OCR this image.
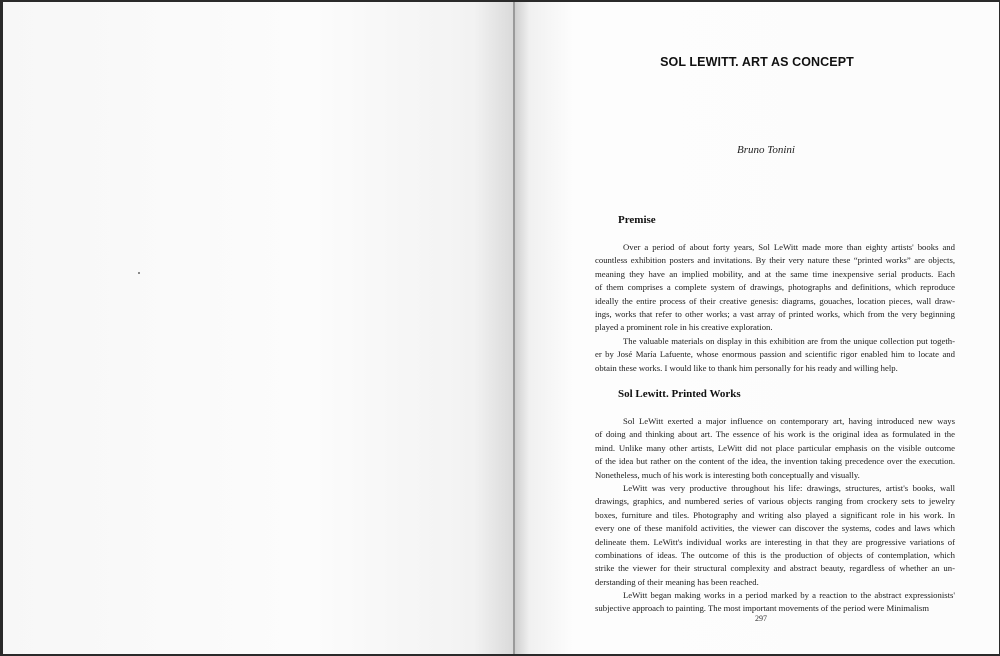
SOL LEWITT. ART AS CONCEPT
Bruno Tonini
Premise

Over a period of about forty years, Sol LeWitt made more than eighty artists' books and
countless exhibition posters and invitations. By their very nature these “printed works” are objects,
meaning they have an implied mobility, and at the same time inexpensive serial products. Each
of them comprises a complete system of drawings, photographs and definitions, which reproduce
ideally the entire process of their creative genesis: diagrams, gouaches, location pieces, wall draw-
ings, works that refer to other works; a vast array of printed works, which from the very beginning
played a prominent role in his creative exploration.

The valuable materials on display in this exhibition are from the unique collection put togeth-
er by José María Lafuente, whose enormous passion and scientific rigor enabled him to locate and
obtain these works. I would like to thank him personally for his ready and willing help.

Sol Lewitt. Printed Works

Sol LeWitt exerted a major influence on contemporary art, having introduced new ways
of doing and thinking about art. The essence of his work is the original idea as formulated in the
mind. Unlike many other artists, LeWitt did not place particular emphasis on the visible outcome
of the idea but rather on the content of the idea, the invention taking precedence over the execution.
Nonetheless, much of his work is interesting both conceptually and visually.

LeWitt was very productive throughout his life: drawings, structures, artist's books, wall
drawings, graphics, and numbered series of various objects ranging from crockery sets to jewelry
boxes, furniture and tiles. Photography and writing also played a significant role in his work. In
every one of these manifold activities, the viewer can discover the systems, codes and laws which
delineate them. LeWitt's individual works are interesting in that they are progressive variations of
combinations of ideas. The outcome of this is the production of objects of contemplation, which
strike the viewer for their structural complexity and abstract beauty, regardless of whether an un-
derstanding of their meaning has been reached.

LeWitt began making works in a period marked by a reaction to the abstract expressionists'
subjective approach to painting. The most important movements of the period were Minimalism

297
